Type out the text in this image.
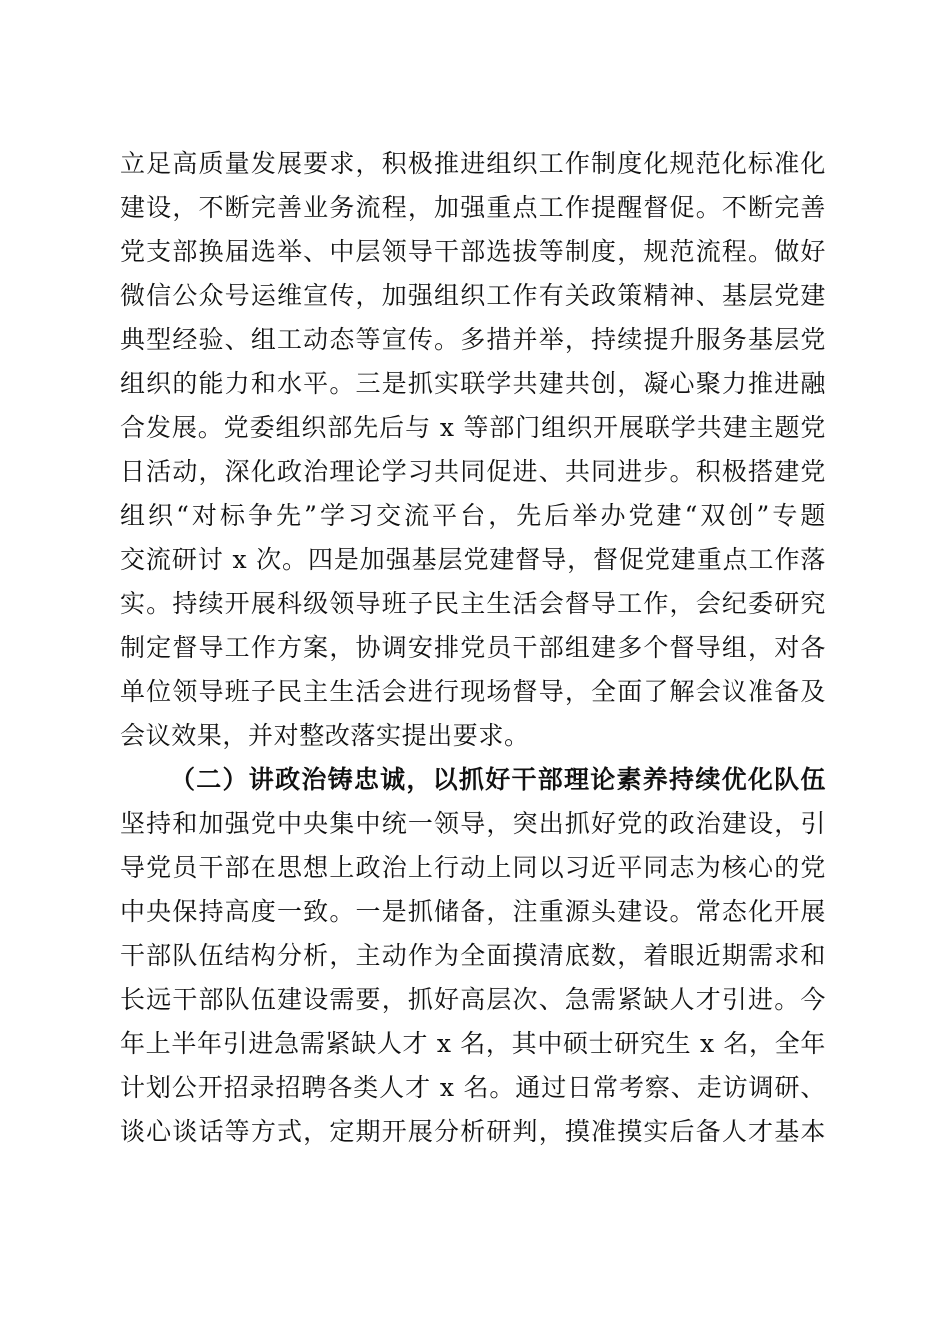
立足高质量发展要求，积极推进组织工作制度化规范化标准化
建设，不断完善业务流程，加强重点工作提醒督促。不断完善
党支部换届选举、中层领导干部选拔等制度，规范流程。做好
微信公众号运维宣传，加强组织工作有关政策精神、基层党建
典型经验、组工动态等宣传。多措并举，持续提升服务基层党
组织的能力和水平。三是抓实联学共建共创，凝心聚力推进融
合发展。党委组织部先后与 x 等部门组织开展联学共建主题党
日活动，深化政治理论学习共同促进、共同进步。积极搭建党
组织“对标争先”学习交流平台，先后举办党建“双创”专题
交流研讨 x 次。四是加强基层党建督导，督促党建重点工作落
实。持续开展科级领导班子民主生活会督导工作，会纪委研究
制定督导工作方案，协调安排党员干部组建多个督导组，对各
单位领导班子民主生活会进行现场督导，全面了解会议准备及
会议效果，并对整改落实提出要求。
（二）讲政治铸忠诚，以抓好干部理论素养持续优化队伍
坚持和加强党中央集中统一领导，突出抓好党的政治建设，引
导党员干部在思想上政治上行动上同以习近平同志为核心的党
中央保持高度一致。一是抓储备，注重源头建设。常态化开展
干部队伍结构分析，主动作为全面摸清底数，着眼近期需求和
长远干部队伍建设需要，抓好高层次、急需紧缺人才引进。今
年上半年引进急需紧缺人才 x 名，其中硕士研究生 x 名，全年
计划公开招录招聘各类人才 x 名。通过日常考察、走访调研、
谈心谈话等方式，定期开展分析研判，摸准摸实后备人才基本
